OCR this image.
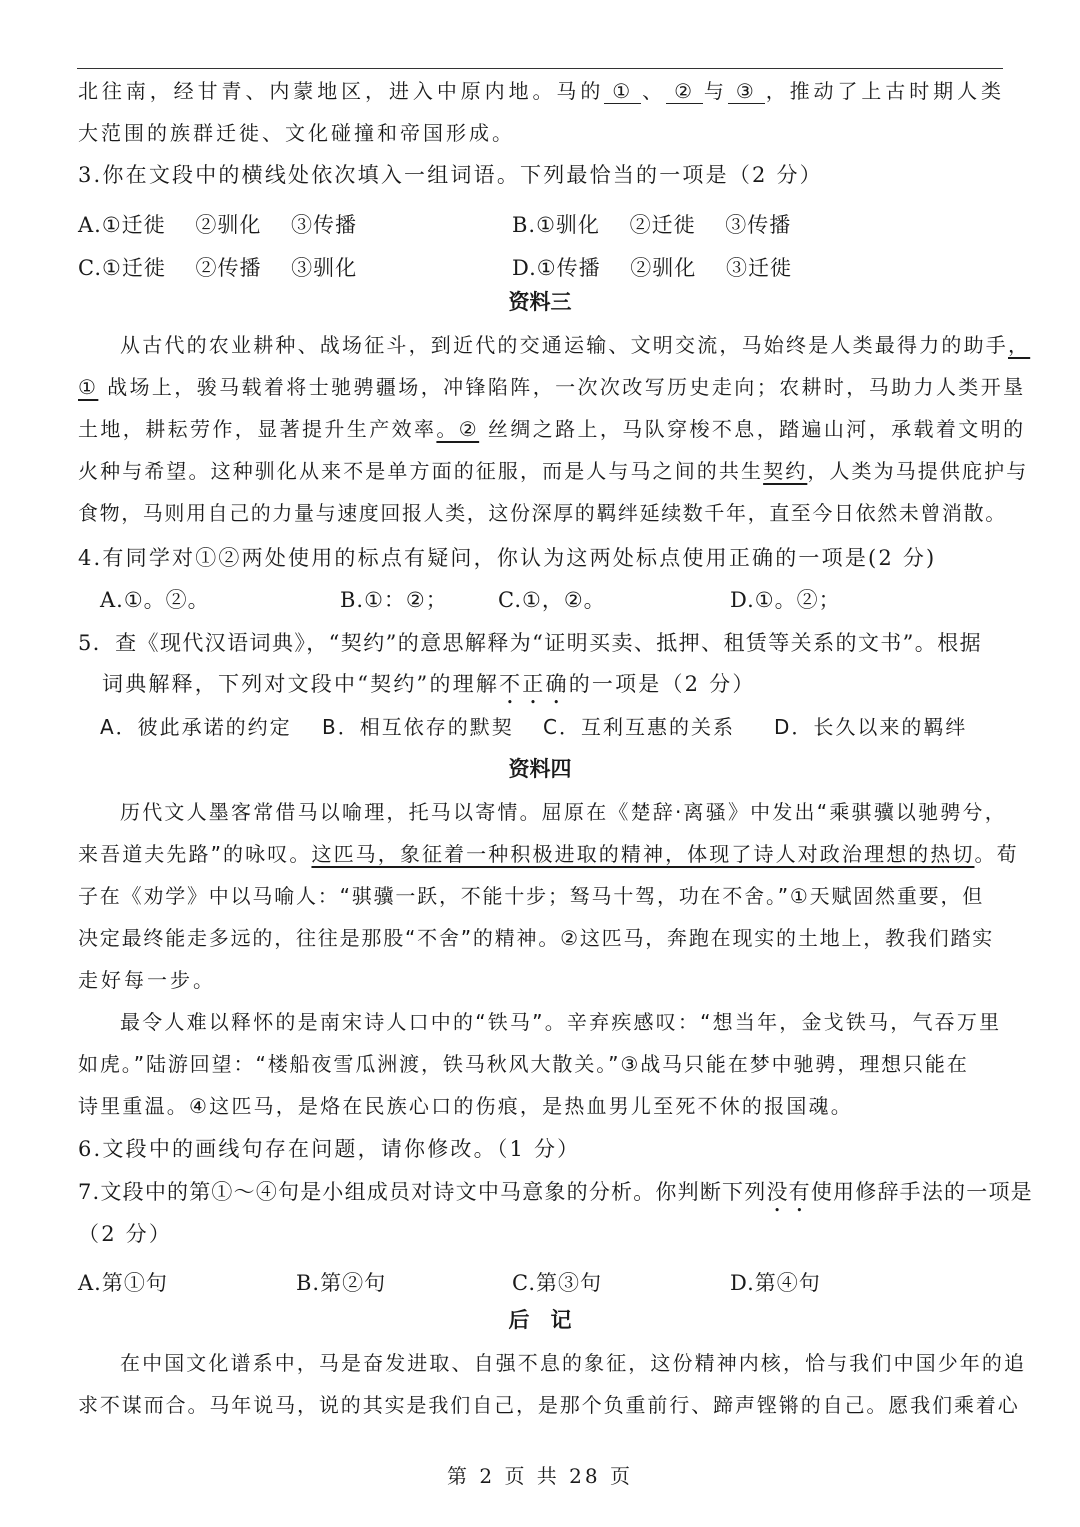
北往南，经甘青、内蒙地区，进入中原内地。马的 ① 、 ② 与 ③ ，推动了上古时期人类
大范围的族群迁徙、文化碰撞和帝国形成。
3.你在文段中的横线处依次填入一组词语。下列最恰当的一项是（2 分）
A.①迁徙　 ②驯化　 ③传播	B.①驯化　 ②迁徙　 ③传播
C.①迁徙　 ②传播　 ③驯化	D.①传播　 ②驯化　 ③迁徙
资料三
从古代的农业耕种、战场征斗，到近代的交通运输、文明交流，马始终是人类最得力的助手，
① 战场上，骏马载着将士驰骋疆场，冲锋陷阵，一次次改写历史走向；农耕时，马助力人类开垦
土地，耕耘劳作，显著提升生产效率。② 丝绸之路上，马队穿梭不息，踏遍山河，承载着文明的
火种与希望。这种驯化从来不是单方面的征服，而是人与马之间的共生契约，人类为马提供庇护与
食物，马则用自己的力量与速度回报人类，这份深厚的羁绊延续数千年，直至今日依然未曾消散。
4.有同学对①②两处使用的标点有疑问，你认为这两处标点使用正确的一项是(2 分)
A.①。②。	B.①：②； C.①，②。	D.①。②；
5．查《现代汉语词典》，“契约”的意思解释为“证明买卖、抵押、租赁等关系的文书”。根据
词典解释，下列对文段中“契约”的理解不正确的一项是（2 分）
A．彼此承诺的约定 B．相互依存的默契 C．互利互惠的关系 D．长久以来的羁绊
资料四
历代文人墨客常借马以喻理，托马以寄情。屈原在《楚辞·离骚》中发出“乘骐骥以驰骋兮，
来吾道夫先路”的咏叹。这匹马，象征着一种积极进取的精神，体现了诗人对政治理想的热切。荀
子在《劝学》中以马喻人：“骐骥一跃，不能十步；驽马十驾，功在不舍。”①天赋固然重要，但
决定最终能走多远的，往往是那股“不舍”的精神。②这匹马，奔跑在现实的土地上，教我们踏实
走好每一步。
最令人难以释怀的是南宋诗人口中的“铁马”。辛弃疾感叹：“想当年，金戈铁马，气吞万里
如虎。”陆游回望：“楼船夜雪瓜洲渡，铁马秋风大散关。”③战马只能在梦中驰骋，理想只能在
诗里重温。④这匹马，是烙在民族心口的伤痕，是热血男儿至死不休的报国魂。
6.文段中的画线句存在问题，请你修改。（1 分）
7.文段中的第①～④句是小组成员对诗文中马意象的分析。你判断下列没有使用修辞手法的一项是
（2 分）
A.第①句	B.第②句	C.第③句	D.第④句
后　记
在中国文化谱系中，马是奋发进取、自强不息的象征，这份精神内核，恰与我们中国少年的追
求不谋而合。马年说马，说的其实是我们自己，是那个负重前行、蹄声铿锵的自己。愿我们乘着心
第 2 页 共 28 页
